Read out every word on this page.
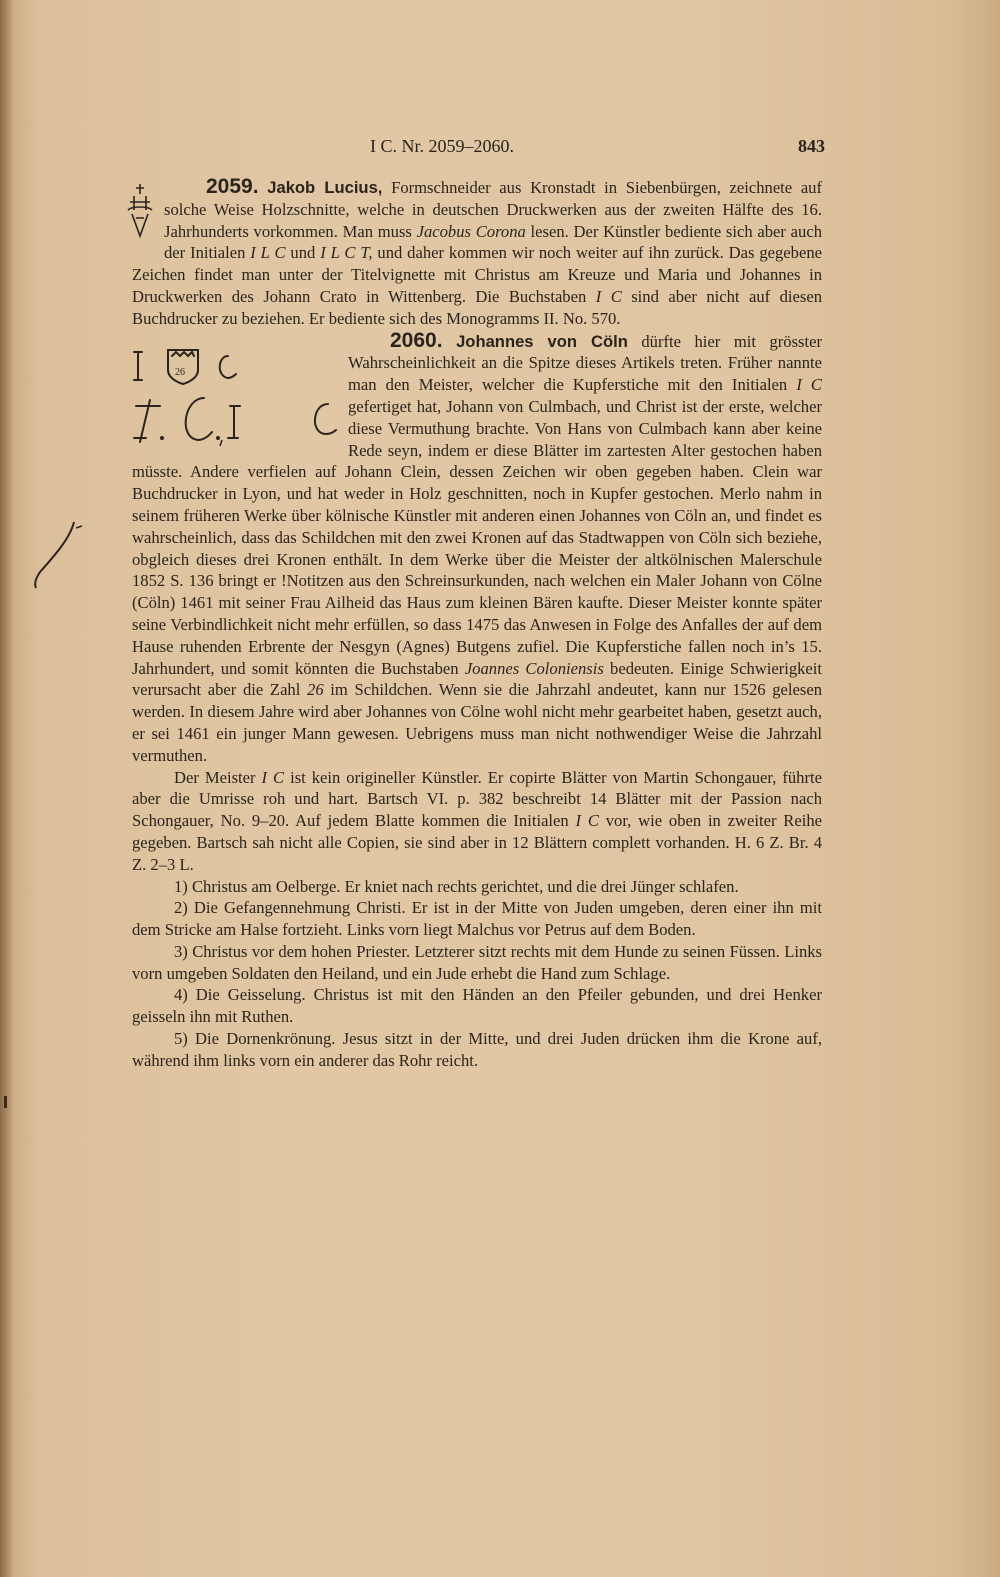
I C. Nr. 2059–2060.	843

2059. Jakob Lucius, Formschneider aus Kronstadt in Siebenbürgen, zeichnete auf solche Weise Holzschnitte, welche in deutschen Druckwerken aus der zweiten Hälfte des 16. Jahrhunderts vorkommen. Man muss Jacobus Corona lesen. Der Künstler bediente sich aber auch der Initialen I L C und I L C T, und daher kommen wir noch weiter auf ihn zurück. Das gegebene Zeichen findet man unter der Titelvignette mit Christus am Kreuze und Maria und Johannes in Druckwerken des Johann Crato in Wittenberg. Die Buchstaben I C sind aber nicht auf diesen Buchdrucker zu beziehen. Er bediente sich des Monogramms II. No. 570.

2060. Johannes von Cöln
26
dürfte hier mit grösster Wahrscheinlichkeit an die Spitze dieses Artikels treten. Früher nannte man den Meister, welcher die Kupferstiche mit den Initialen I C gefertiget hat, Johann von Culmbach, und Christ ist der erste, welcher diese Vermuthung brachte. Von Hans von Culmbach kann aber keine Rede seyn, indem er diese Blätter im zartesten Alter gestochen haben müsste. Andere verfielen auf Johann Clein, dessen Zeichen wir oben gegeben haben. Clein war Buchdrucker in Lyon, und hat weder in Holz geschnitten, noch in Kupfer gestochen. Merlo nahm in seinem früheren Werke über kölnische Künstler mit anderen einen Johannes von Cöln an, und findet es wahrscheinlich, dass das Schildchen mit den zwei Kronen auf das Stadtwappen von Cöln sich beziehe, obgleich dieses drei Kronen enthält. In dem Werke über die Meister der altkölnischen Malerschule 1852 S. 136 bringt er !Notitzen aus den Schreinsurkunden, nach welchen ein Maler Johann von Cölne (Cöln) 1461 mit seiner Frau Ailheid das Haus zum kleinen Bären kaufte. Dieser Meister konnte später seine Verbindlichkeit nicht mehr erfüllen, so dass 1475 das Anwesen in Folge des Anfalles der auf dem Hause ruhenden Erbrente der Nesgyn (Agnes) Butgens zufiel. Die Kupferstiche fallen noch in’s 15. Jahrhundert, und somit könnten die Buchstaben Joannes Coloniensis bedeuten. Einige Schwierigkeit verursacht aber die Zahl 26 im Schildchen. Wenn sie die Jahrzahl andeutet, kann nur 1526 gelesen werden. In diesem Jahre wird aber Johannes von Cölne wohl nicht mehr gearbeitet haben, gesetzt auch, er sei 1461 ein junger Mann gewesen. Uebrigens muss man nicht nothwendiger Weise die Jahrzahl vermuthen.

Der Meister I C ist kein origineller Künstler. Er copirte Blätter von Martin Schongauer, führte aber die Umrisse roh und hart. Bartsch VI. p. 382 beschreibt 14 Blätter mit der Passion nach Schongauer, No. 9–20. Auf jedem Blatte kommen die Initialen I C vor, wie oben in zweiter Reihe gegeben. Bartsch sah nicht alle Copien, sie sind aber in 12 Blättern complett vorhanden. H. 6 Z. Br. 4 Z. 2–3 L.

1) Christus am Oelberge. Er kniet nach rechts gerichtet, und die drei Jünger schlafen.

2) Die Gefangennehmung Christi. Er ist in der Mitte von Juden umgeben, deren einer ihn mit dem Stricke am Halse fortzieht. Links vorn liegt Malchus vor Petrus auf dem Boden.

3) Christus vor dem hohen Priester. Letzterer sitzt rechts mit dem Hunde zu seinen Füssen. Links vorn umgeben Soldaten den Heiland, und ein Jude erhebt die Hand zum Schlage.

4) Die Geisselung. Christus ist mit den Händen an den Pfeiler gebunden, und drei Henker geisseln ihn mit Ruthen.

5) Die Dornenkrönung. Jesus sitzt in der Mitte, und drei Juden drücken ihm die Krone auf, während ihm links vorn ein anderer das Rohr reicht.
